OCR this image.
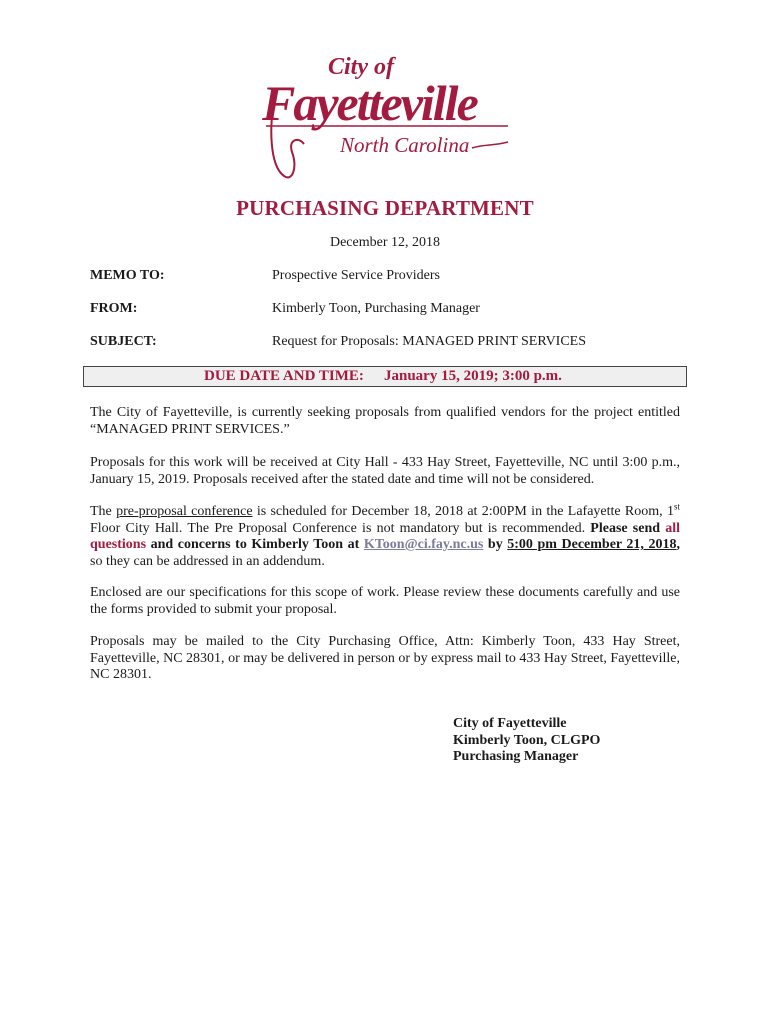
City of
Fayetteville
North Carolina
PURCHASING DEPARTMENT
December 12, 2018
MEMO TO:	Prospective Service Providers
FROM:	Kimberly Toon, Purchasing Manager
SUBJECT:	Request for Proposals: MANAGED PRINT SERVICES
DUE DATE AND TIME: January 15, 2019; 3:00 p.m.

The City of Fayetteville, is currently seeking proposals from qualified vendors for the project entitled “MANAGED PRINT SERVICES.”

Proposals for this work will be received at City Hall - 433 Hay Street, Fayetteville, NC until 3:00 p.m., January 15, 2019. Proposals received after the stated date and time will not be considered.

The pre-proposal conference is scheduled for December 18, 2018 at 2:00PM in the Lafayette Room, 1st Floor City Hall. The Pre Proposal Conference is not mandatory but is recommended. Please send all questions and concerns to Kimberly Toon at KToon@ci.fay.nc.us by 5:00 pm December 21, 2018, so they can be addressed in an addendum.

Enclosed are our specifications for this scope of work. Please review these documents carefully and use the forms provided to submit your proposal.

Proposals may be mailed to the City Purchasing Office, Attn: Kimberly Toon, 433 Hay Street, Fayetteville, NC 28301, or may be delivered in person or by express mail to 433 Hay Street, Fayetteville, NC 28301.

City of Fayetteville
Kimberly Toon, CLGPO
Purchasing Manager
